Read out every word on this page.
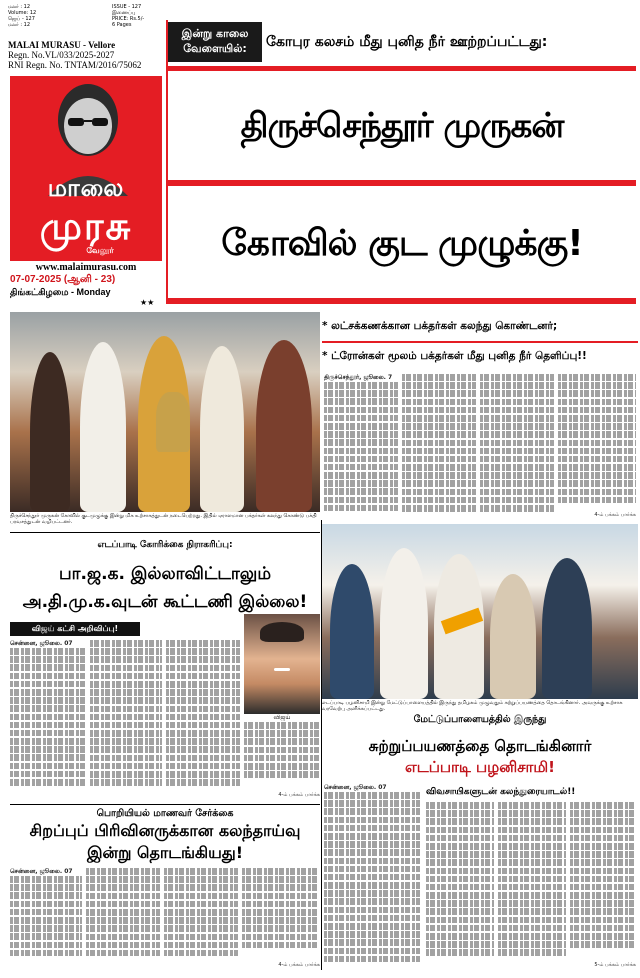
மலர் : 12
Volume: 12
ஜெய் - 127
மலர் : 12
ISSUE - 127
இணைப்பு
PRICE: Rs.5/-
6 Pages
MALAI MURASU - Vellore
Regn. No.VL/033/2025-2027
RNI Regn. No. TNTAM/2016/75062
மாலை
முரசு
வேலூர்
www.malaimurasu.com
07-07-2025 (ஆனி - 23)
திங்கட்கிழமை - Monday
★★
இன்று காலை வேளையில்:	கோபுர கலசம் மீது புனித நீர் ஊற்றப்பட்டது:
திருச்செந்தூர் முருகன்
கோவில் குட முழுக்கு!
திருச்செந்தூர் முருகன் கோவில் குடமுழுக்கு இன்று மிக உற்சாகத்துடன் நடைபெற்றது. இதில் ஏராளமான பக்தர்கள் கலந்து கொண்டு பக்தி பரவசத்துடன் வழிபட்டனர்.
* லட்சக்கணக்கான பக்தர்கள் கலந்து கொண்டனர்;
* ட்ரோன்கள் மூலம் பக்தர்கள் மீது புனித நீர் தெளிப்பு!!
திருச்செந்தூர், ஜூலை. 7
4-ம் பக்கம் பார்க்க
எடப்பாடி கோரிக்கை நிராகரிப்பு:
பா.ஜ.க. இல்லாவிட்டாலும்
அ.தி.மு.க.வுடன் கூட்டணி இல்லை!
விஜய் கட்சி அறிவிப்பு!
சென்னை, ஜூலை. 07
விஜய்
4-ம் பக்கம் பார்க்க
எடப்பாடி பழனிசாமி இன்று மேட்டுப்பாளையத்தில் இருந்து தமிழகம் முழுவதும் சுற்றுப்பயணத்தை தொடங்கினார். அவருக்கு உற்சாக வரவேற்பு அளிக்கப்பட்டது.
மேட்டுப்பாளையத்தில் இருந்து
சுற்றுப்பயணத்தை தொடங்கினார்
எடப்பாடி பழனிசாமி!
சென்னை, ஜூலை. 07	விவசாயிகளுடன் கலந்துரையாடல்!!
5-ம் பக்கம் பார்க்க
பொறியியல் மாணவர் சேர்க்கை
சிறப்புப் பிரிவினருக்கான கலந்தாய்வு
இன்று தொடங்கியது!
சென்னை, ஜூலை. 07
4-ம் பக்கம் பார்க்க
